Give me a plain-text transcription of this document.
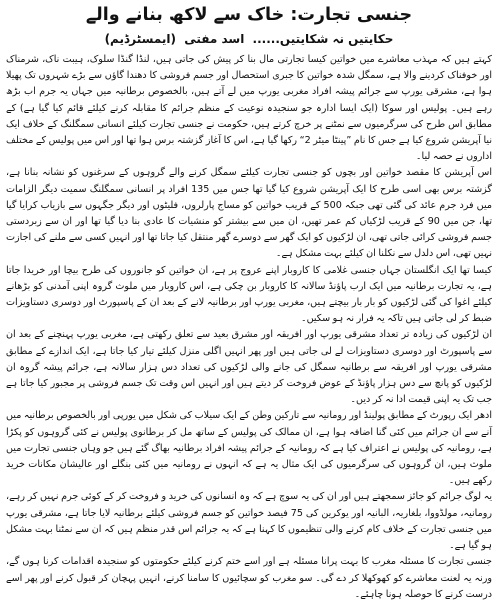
جنسی تجارت: خاک سے لاکھ بنانے والے
حکایتیں نہ شکایتیں...... اسد مفتی (ایمسٹرڈیم)

کہتے ہیں کہ مہذب معاشرے میں خواتین کیسا تجارتی مال بنا کر پیش کی جاتی ہیں، لنڈا گنڈا سلوک، ہیبت ناک، شرمناک اور خوفناک کردینے والا ہے، سمگل شدہ خواتین کا جبری استحصال اور جسم فروشی کا دھندا گاؤں سے بڑے شہروں تک پھیلا ہوا ہے، مشرقی یورپ سے جرائم پیشہ افراد مغربی یورپ میں لے آتے ہیں، بالخصوص برطانیہ میں جہاں یہ جرم اب بڑھ رہے ہیں۔ پولیس اور سوکا (ایک ایسا ادارہ جو سنجیدہ نوعیت کے منظم جرائم کا مقابلہ کرنے کیلئے قائم کیا گیا ہے) کے مطابق اس طرح کی سرگرمیوں سے نمٹنے پر خرچ کرتے ہیں، حکومت نے جنسی تجارت کیلئے انسانی سمگلنگ کے خلاف ایک نیا آپریشن شروع کیا ہے جس کا نام ”پینٹا میٹر 2“ رکھا گیا ہے، اس کا آغاز گزشتہ برس ہوا تھا اور اس میں پولیس کے مختلف اداروں نے حصہ لیا۔

اس آپریشن کا مقصد خواتین اور بچوں کو جنسی تجارت کیلئے سمگل کرنے والے گروہوں کے سرغنوں کو نشانہ بنانا ہے، گزشتہ برس بھی اسی طرح کا ایک آپریشن شروع کیا گیا تھا جس میں 135 افراد پر انسانی سمگلنگ سمیت دیگر الزامات میں فرد جرم عائد کی گئی تھی جبکہ 500 کے قریب خواتین کو مساج پارلروں، فلیٹوں اور دیگر جگہوں سے بازیاب کرایا گیا تھا، جن میں 90 کے قریب لڑکیاں کم عمر تھیں، ان میں سے بیشتر کو منشیات کا عادی بنا دیا گیا تھا اور ان سے زبردستی جسم فروشی کرائی جاتی تھی، ان لڑکیوں کو ایک گھر سے دوسرے گھر منتقل کیا جاتا تھا اور انہیں کسی سے ملنے کی اجازت نہیں تھی، اس دلدل سے نکلنا ان کیلئے بہت مشکل ہے۔

کیسا تھا ایک انگلستان جہاں جنسی غلامی کا کاروبار اپنے عروج پر ہے، ان خواتین کو جانوروں کی طرح بیچا اور خریدا جاتا ہے، یہ تجارت برطانیہ میں ایک ارب پاؤنڈ سالانہ کا کاروبار بن چکی ہے، اس کاروبار میں ملوث گروہ اپنی آمدنی کو بڑھانے کیلئے اغوا کی گئی لڑکیوں کو بار بار بیچتے ہیں، مغربی یورپ اور برطانیہ لانے کے بعد ان کے پاسپورٹ اور دوسری دستاویزات ضبط کر لی جاتی ہیں تاکہ یہ فرار نہ ہو سکیں۔

ان لڑکیوں کی زیادہ تر تعداد مشرقی یورپ اور افریقہ اور مشرق بعید سے تعلق رکھتی ہے، مغربی یورپ پہنچنے کے بعد ان سے پاسپورٹ اور دوسری دستاویزات لے لی جاتی ہیں اور پھر انہیں اگلی منزل کیلئے تیار کیا جاتا ہے، ایک اندازے کے مطابق مشرقی یورپ اور افریقہ سے برطانیہ سمگل کی جانے والی لڑکیوں کی تعداد دس ہزار سالانہ ہے، جرائم پیشہ گروہ ان لڑکیوں کو پانچ سے دس ہزار پاؤنڈ کے عوض فروخت کر دیتے ہیں اور انہیں اس وقت تک جسم فروشی پر مجبور کیا جاتا ہے جب تک یہ اپنی قیمت ادا نہ کر دیں۔

ادھر ایک رپورٹ کے مطابق پولینڈ اور رومانیہ سے تارکین وطن کے ایک سیلاب کی شکل میں یورپی اور بالخصوص برطانیہ میں آنے سے ان جرائم میں کئی گنا اضافہ ہوا ہے، ان ممالک کی پولیس کے ساتھ مل کر برطانوی پولیس نے کئی گروہوں کو پکڑا ہے، رومانیہ کی پولیس نے اعتراف کیا ہے کہ رومانیہ کے جرائم پیشہ افراد برطانیہ بھاگ گئے ہیں جو وہاں جنسی تجارت میں ملوث ہیں، ان گروہوں کی سرگرمیوں کی ایک مثال یہ ہے کہ انہوں نے رومانیہ میں کئی بنگلے اور عالیشان مکانات خرید رکھے ہیں۔

یہ لوگ جرائم کو جائز سمجھتے ہیں اور ان کی یہ سوچ ہے کہ وہ انسانوں کی خرید و فروخت کر کے کوئی جرم نہیں کر رہے، رومانیہ، مولڈووا، بلغاریہ، البانیہ اور یوکرین کی 75 فیصد خواتین کو جسم فروشی کیلئے برطانیہ لایا جاتا ہے، مشرقی یورپ میں جنسی تجارت کے خلاف کام کرنے والی تنظیموں کا کہنا ہے کہ یہ جرائم اس قدر منظم ہیں کہ ان سے نمٹنا بہت مشکل ہو گیا ہے۔

جنسی تجارت کا مسئلہ مغرب کا بہت پرانا مسئلہ ہے اور اسے ختم کرنے کیلئے حکومتوں کو سنجیدہ اقدامات کرنا ہوں گے، ورنہ یہ لعنت معاشرے کو کھوکھلا کر دے گی۔ سو مغرب کو سچائیوں کا سامنا کرنے، انہیں پہچان کر قبول کرنے اور پھر اسے درست کرنے کا حوصلہ ہونا چاہئے۔
